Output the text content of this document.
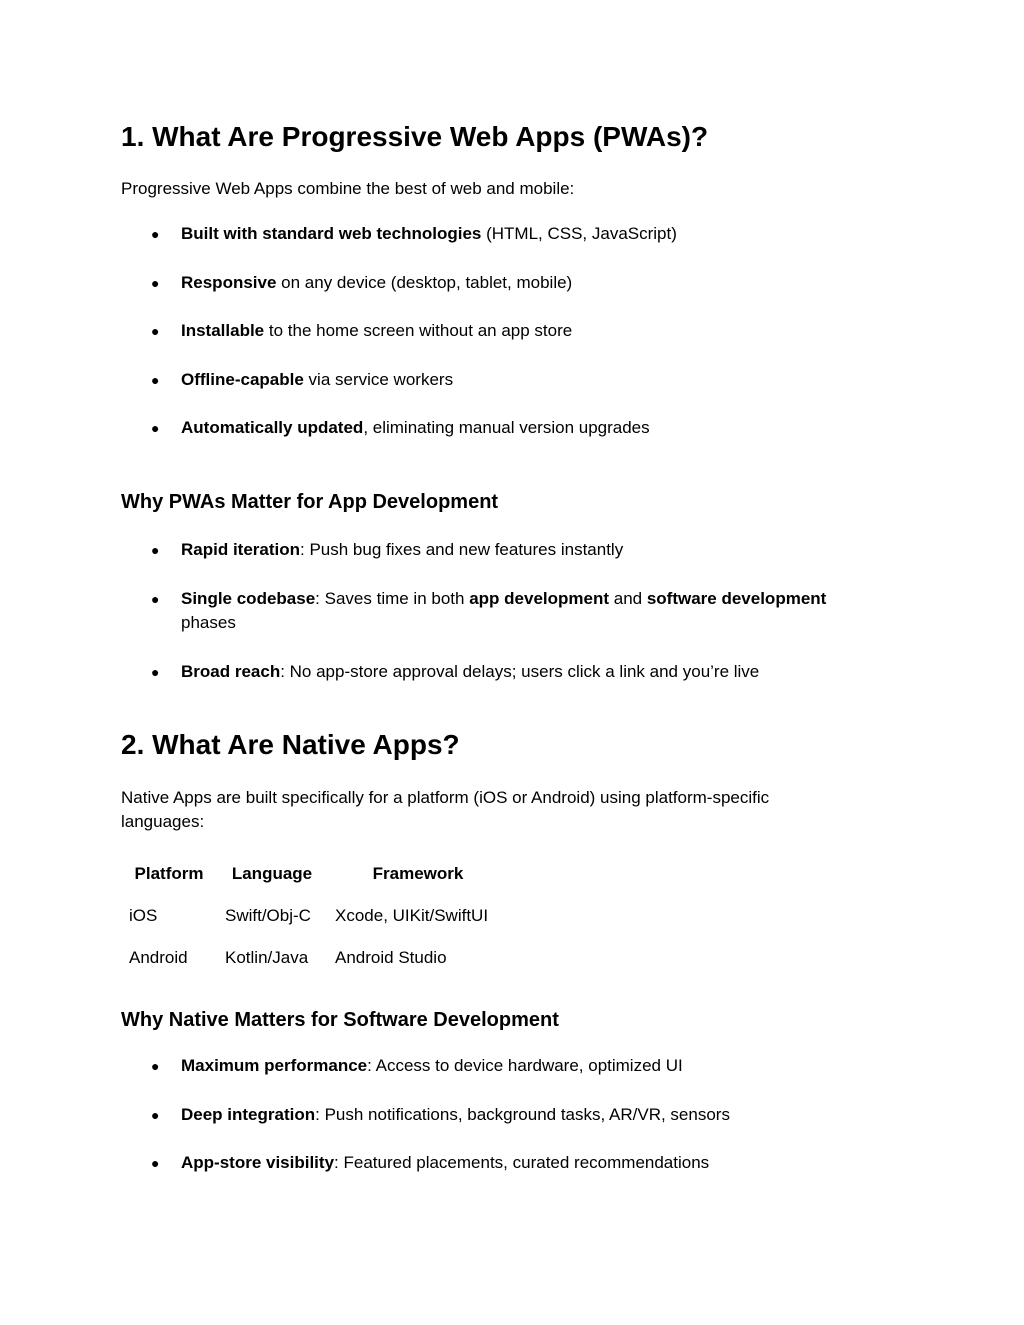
1. What Are Progressive Web Apps (PWAs)?

Progressive Web Apps combine the best of web and mobile:

● Built with standard web technologies (HTML, CSS, JavaScript)
● Responsive on any device (desktop, tablet, mobile)
● Installable to the home screen without an app store
● Offline‑capable via service workers
● Automatically updated, eliminating manual version upgrades
Why PWAs Matter for App Development
● Rapid iteration: Push bug fixes and new features instantly
● Single codebase: Saves time in both app development and software development phases
● Broad reach: No app‑store approval delays; users click a link and you’re live
2. What Are Native Apps?

Native Apps are built specifically for a platform (iOS or Android) using platform‑specific languages:

Platform	Language	Framework
iOS	Swift/Obj‑C	Xcode, UIKit/SwiftUI
Android	Kotlin/Java	Android Studio
Why Native Matters for Software Development
● Maximum performance: Access to device hardware, optimized UI
● Deep integration: Push notifications, background tasks, AR/VR, sensors
● App‑store visibility: Featured placements, curated recommendations
